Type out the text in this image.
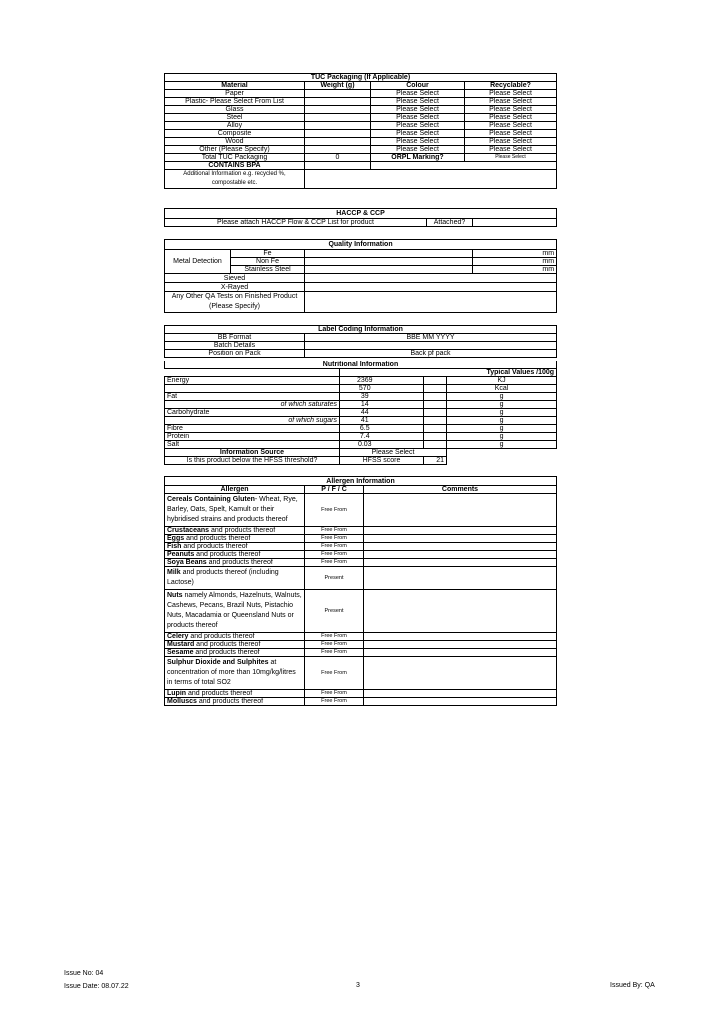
TUC Packaging (If Applicable)			
Material	Weight (g)	Colour	Recyclable?
Paper		Please Select	Please Select
Plastic- Please Select From List		Please Select	Please Select
Glass		Please Select	Please Select
Steel		Please Select	Please Select
Alloy		Please Select	Please Select
Composite		Please Select	Please Select
Wood		Please Select	Please Select
Other (Please Specify)		Please Select	Please Select
Total TUC Packaging	0	ORPL Marking?	Please Select
CONTAINS BPA			
Additional Information e.g. recycled %, compostable etc.			
HACCP & CCP
Please attach HACCP Flow & CCP List for product	Attached?	
Quality Information			
Metal Detection	Fe		mm
	Non Fe		mm
	Stainless Steel		mm
Sieved			
X-Rayed			
Any Other QA Tests on Finished Product (Please Specify)			
Label Coding Information	
BB Format	BBE MM YYYY
Batch Details	
Position on Pack	Back pf pack
Nutritional Information				
	Typical Values /100g			
Energy	2369			KJ
	570			Kcal
Fat	39			g
of which saturates	14			g
Carbohydrate	44			g
of which sugars	41			g
Fibre	6.5			g
Protein	7.4			g
Salt	0.03			g
Information Source	Please Select			
Is this product below the HFSS threshold?	HFSS score		21	
Allergen Information		
Allergen	P / F / C	Comments
Cereals Containing Gluten- Wheat, Rye, Barley, Oats, Spelt, Kamult or their hybridised strains and products thereof	Free From	
Crustaceans and products thereof	Free From	
Eggs and products thereof	Free From	
Fish and products thereof	Free From	
Peanuts and products thereof	Free From	
Soya Beans and products thereof	Free From	
Milk and products thereof (including Lactose)	Present	
Nuts namely Almonds, Hazelnuts, Walnuts, Cashews, Pecans, Brazil Nuts, Pistachio Nuts, Macadamia or Queensland Nuts or products thereof	Present	
Celery and products thereof	Free From	
Mustard and products thereof	Free From	
Sesame and products thereof	Free From	
Sulphur Dioxide and Sulphites at concentration of more than 10mg/kg/litres in terms of total SO2	Free From	
Lupin and products thereof	Free From	
Molluscs and products thereof	Free From	
Issue No: 04
Issue Date: 08.07.22	3	Issued By: QA
